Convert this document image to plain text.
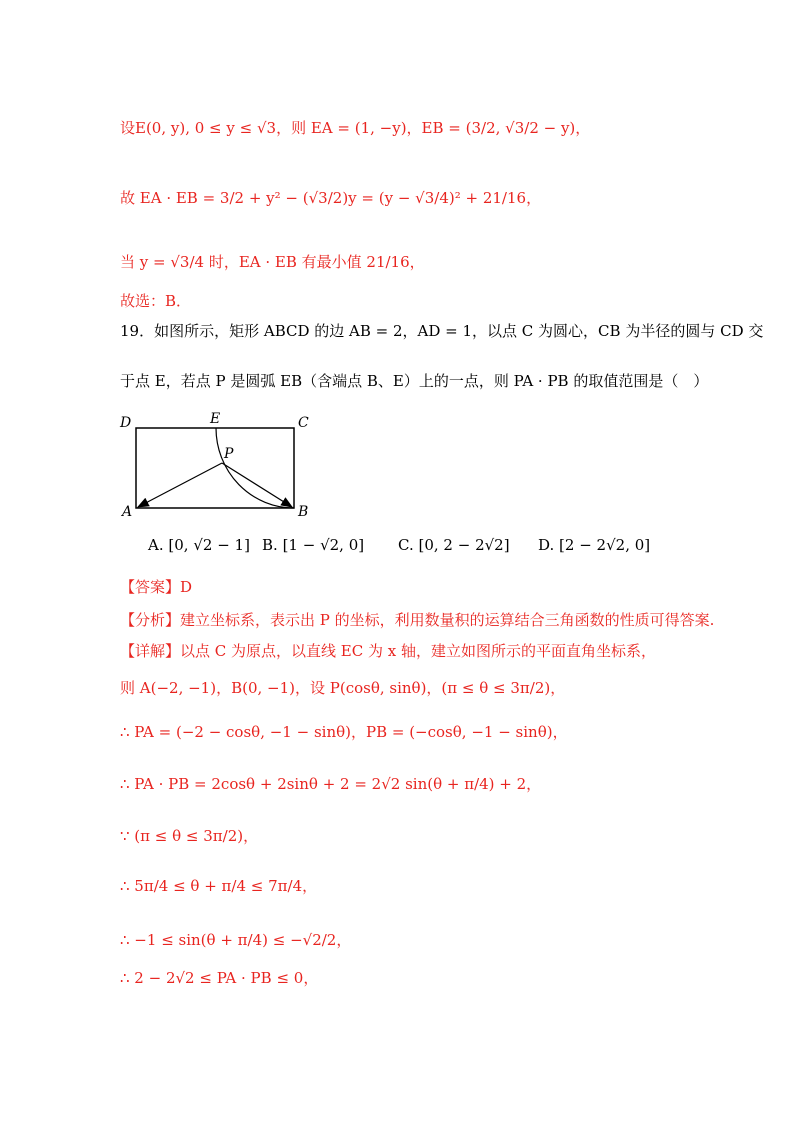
设E(0, y), 0 ≤ y ≤ √3，则 EA = (1, −y)，EB = (3/2, √3/2 − y)，
故 EA · EB = 3/2 + y² − (√3/2)y = (y − √3/4)² + 21/16，
当 y = √3/4 时，EA · EB 有最小值 21/16，
故选：B．
19．如图所示，矩形 ABCD 的边 AB = 2，AD = 1，以点 C 为圆心，CB 为半径的圆与 CD 交
于点 E，若点 P 是圆弧 EB（含端点 B、E）上的一点，则 PA · PB 的取值范围是（　）
D	E	C
P
A	B
A. [0, √2 − 1] B. [1 − √2, 0] C. [0, 2 − 2√2] D. [2 − 2√2, 0]
【答案】D
【分析】建立坐标系，表示出 P 的坐标，利用数量积的运算结合三角函数的性质可得答案.
【详解】以点 C 为原点，以直线 EC 为 x 轴，建立如图所示的平面直角坐标系，
则 A(−2, −1)，B(0, −1)，设 P(cosθ, sinθ)，(π ≤ θ ≤ 3π/2)，
∴ PA = (−2 − cosθ, −1 − sinθ)，PB = (−cosθ, −1 − sinθ)，
∴ PA · PB = 2cosθ + 2sinθ + 2 = 2√2 sin(θ + π/4) + 2，
∵ (π ≤ θ ≤ 3π/2)，
∴ 5π/4 ≤ θ + π/4 ≤ 7π/4，
∴ −1 ≤ sin(θ + π/4) ≤ −√2/2，
∴ 2 − 2√2 ≤ PA · PB ≤ 0，
